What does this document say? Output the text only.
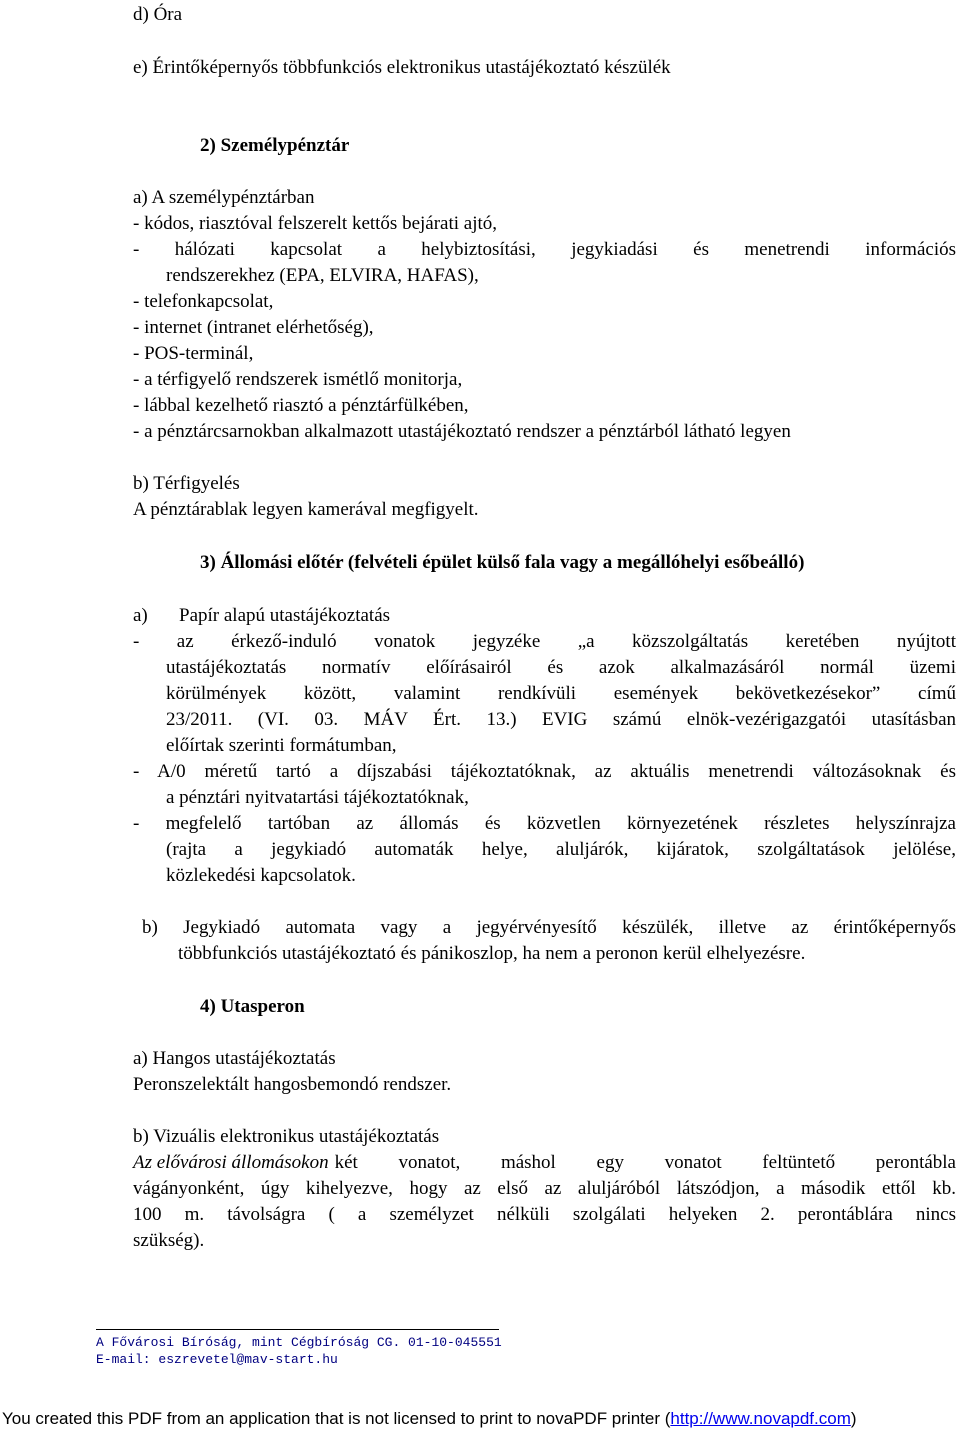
d) Óra
e) Érintőképernyős többfunkciós elektronikus utastájékoztató készülék
2) Személypénztár
a) A személypénztárban
- kódos, riasztóval felszerelt kettős bejárati ajtó,
- hálózati kapcsolat a helybiztosítási, jegykiadási és menetrendi információs
rendszerekhez (EPA, ELVIRA, HAFAS),
- telefonkapcsolat,
- internet (intranet elérhetőség),
- POS-terminál,
- a térfigyelő rendszerek ismétlő monitorja,
- lábbal kezelhető riasztó a pénztárfülkében,
- a pénztárcsarnokban alkalmazott utastájékoztató rendszer a pénztárból látható legyen
b) Térfigyelés
A pénztárablak legyen kamerával megfigyelt.
3) Állomási előtér (felvételi épület külső fala vagy a megállóhelyi esőbeálló)
a) Papír alapú utastájékoztatás
- az érkező-induló vonatok jegyzéke „a közszolgáltatás keretében nyújtott
utastájékoztatás normatív előírásairól és azok alkalmazásáról normál üzemi
körülmények között, valamint rendkívüli események bekövetkezésekor” című
23/2011. (VI. 03. MÁV Ért. 13.) EVIG számú elnök-vezérigazgatói utasításban
előírtak szerinti formátumban,
- A/0 méretű tartó a díjszabási tájékoztatóknak, az aktuális menetrendi változásoknak és
a pénztári nyitvatartási tájékoztatóknak,
- megfelelő tartóban az állomás és közvetlen környezetének részletes helyszínrajza
(rajta a jegykiadó automaták helye, aluljárók, kijáratok, szolgáltatások jelölése,
közlekedési kapcsolatok.
b) Jegykiadó automata vagy a jegyérvényesítő készülék, illetve az érintőképernyős
többfunkciós utastájékoztató és pánikoszlop, ha nem a peronon kerül elhelyezésre.
4) Utasperon
a) Hangos utastájékoztatás
Peronszelektált hangosbemondó rendszer.
b) Vizuális elektronikus utastájékoztatás
Az elővárosi állomásokon két vonatot, máshol egy vonatot feltüntető perontábla
vágányonként, úgy kihelyezve, hogy az első az aluljáróból látszódjon, a második ettől kb.
100 m. távolságra ( a személyzet nélküli szolgálati helyeken 2. perontáblára nincs
szükség).
A Fővárosi Bíróság, mint Cégbíróság CG. 01-10-045551
E-mail: eszrevetel@mav-start.hu
You created this PDF from an application that is not licensed to print to novaPDF printer (http://www.novapdf.com)
